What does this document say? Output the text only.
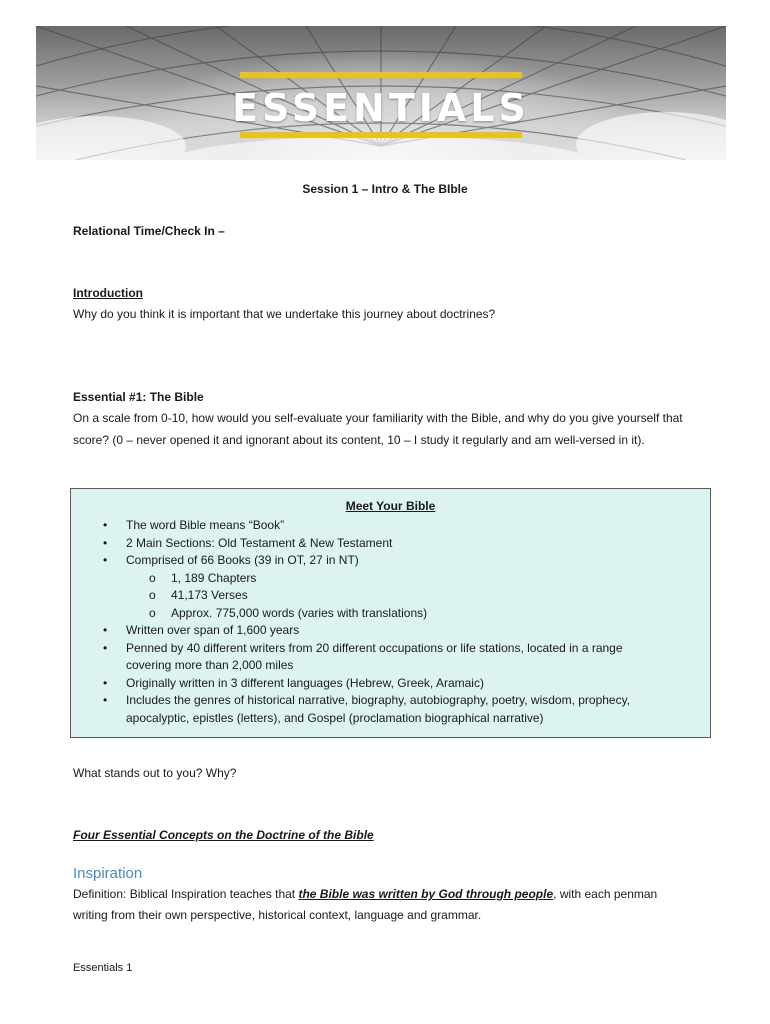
ESSENTIALS
Session 1 – Intro & The BIble
Relational Time/Check In –
Introduction
Why do you think it is important that we undertake this journey about doctrines?
Essential #1: The Bible
On a scale from 0-10, how would you self-evaluate your familiarity with the Bible, and why do you give yourself that
score? (0 – never opened it and ignorant about its content, 10 – I study it regularly and am well-versed in it).
Meet Your Bible
• The word Bible means “Book”
• 2 Main Sections: Old Testament & New Testament
• Comprised of 66 Books (39 in OT, 27 in NT)
o 1, 189 Chapters
o 41,173 Verses
o Approx. 775,000 words (varies with translations)
• Written over span of 1,600 years
• Penned by 40 different writers from 20 different occupations or life stations, located in a range
covering more than 2,000 miles
• Originally written in 3 different languages (Hebrew, Greek, Aramaic)
• Includes the genres of historical narrative, biography, autobiography, poetry, wisdom, prophecy,
apocalyptic, epistles (letters), and Gospel (proclamation biographical narrative)
What stands out to you? Why?
Four Essential Concepts on the Doctrine of the Bible
Inspiration
Definition: Biblical Inspiration teaches that the Bible was written by God through people, with each penman
writing from their own perspective, historical context, language and grammar.
Essentials 1
